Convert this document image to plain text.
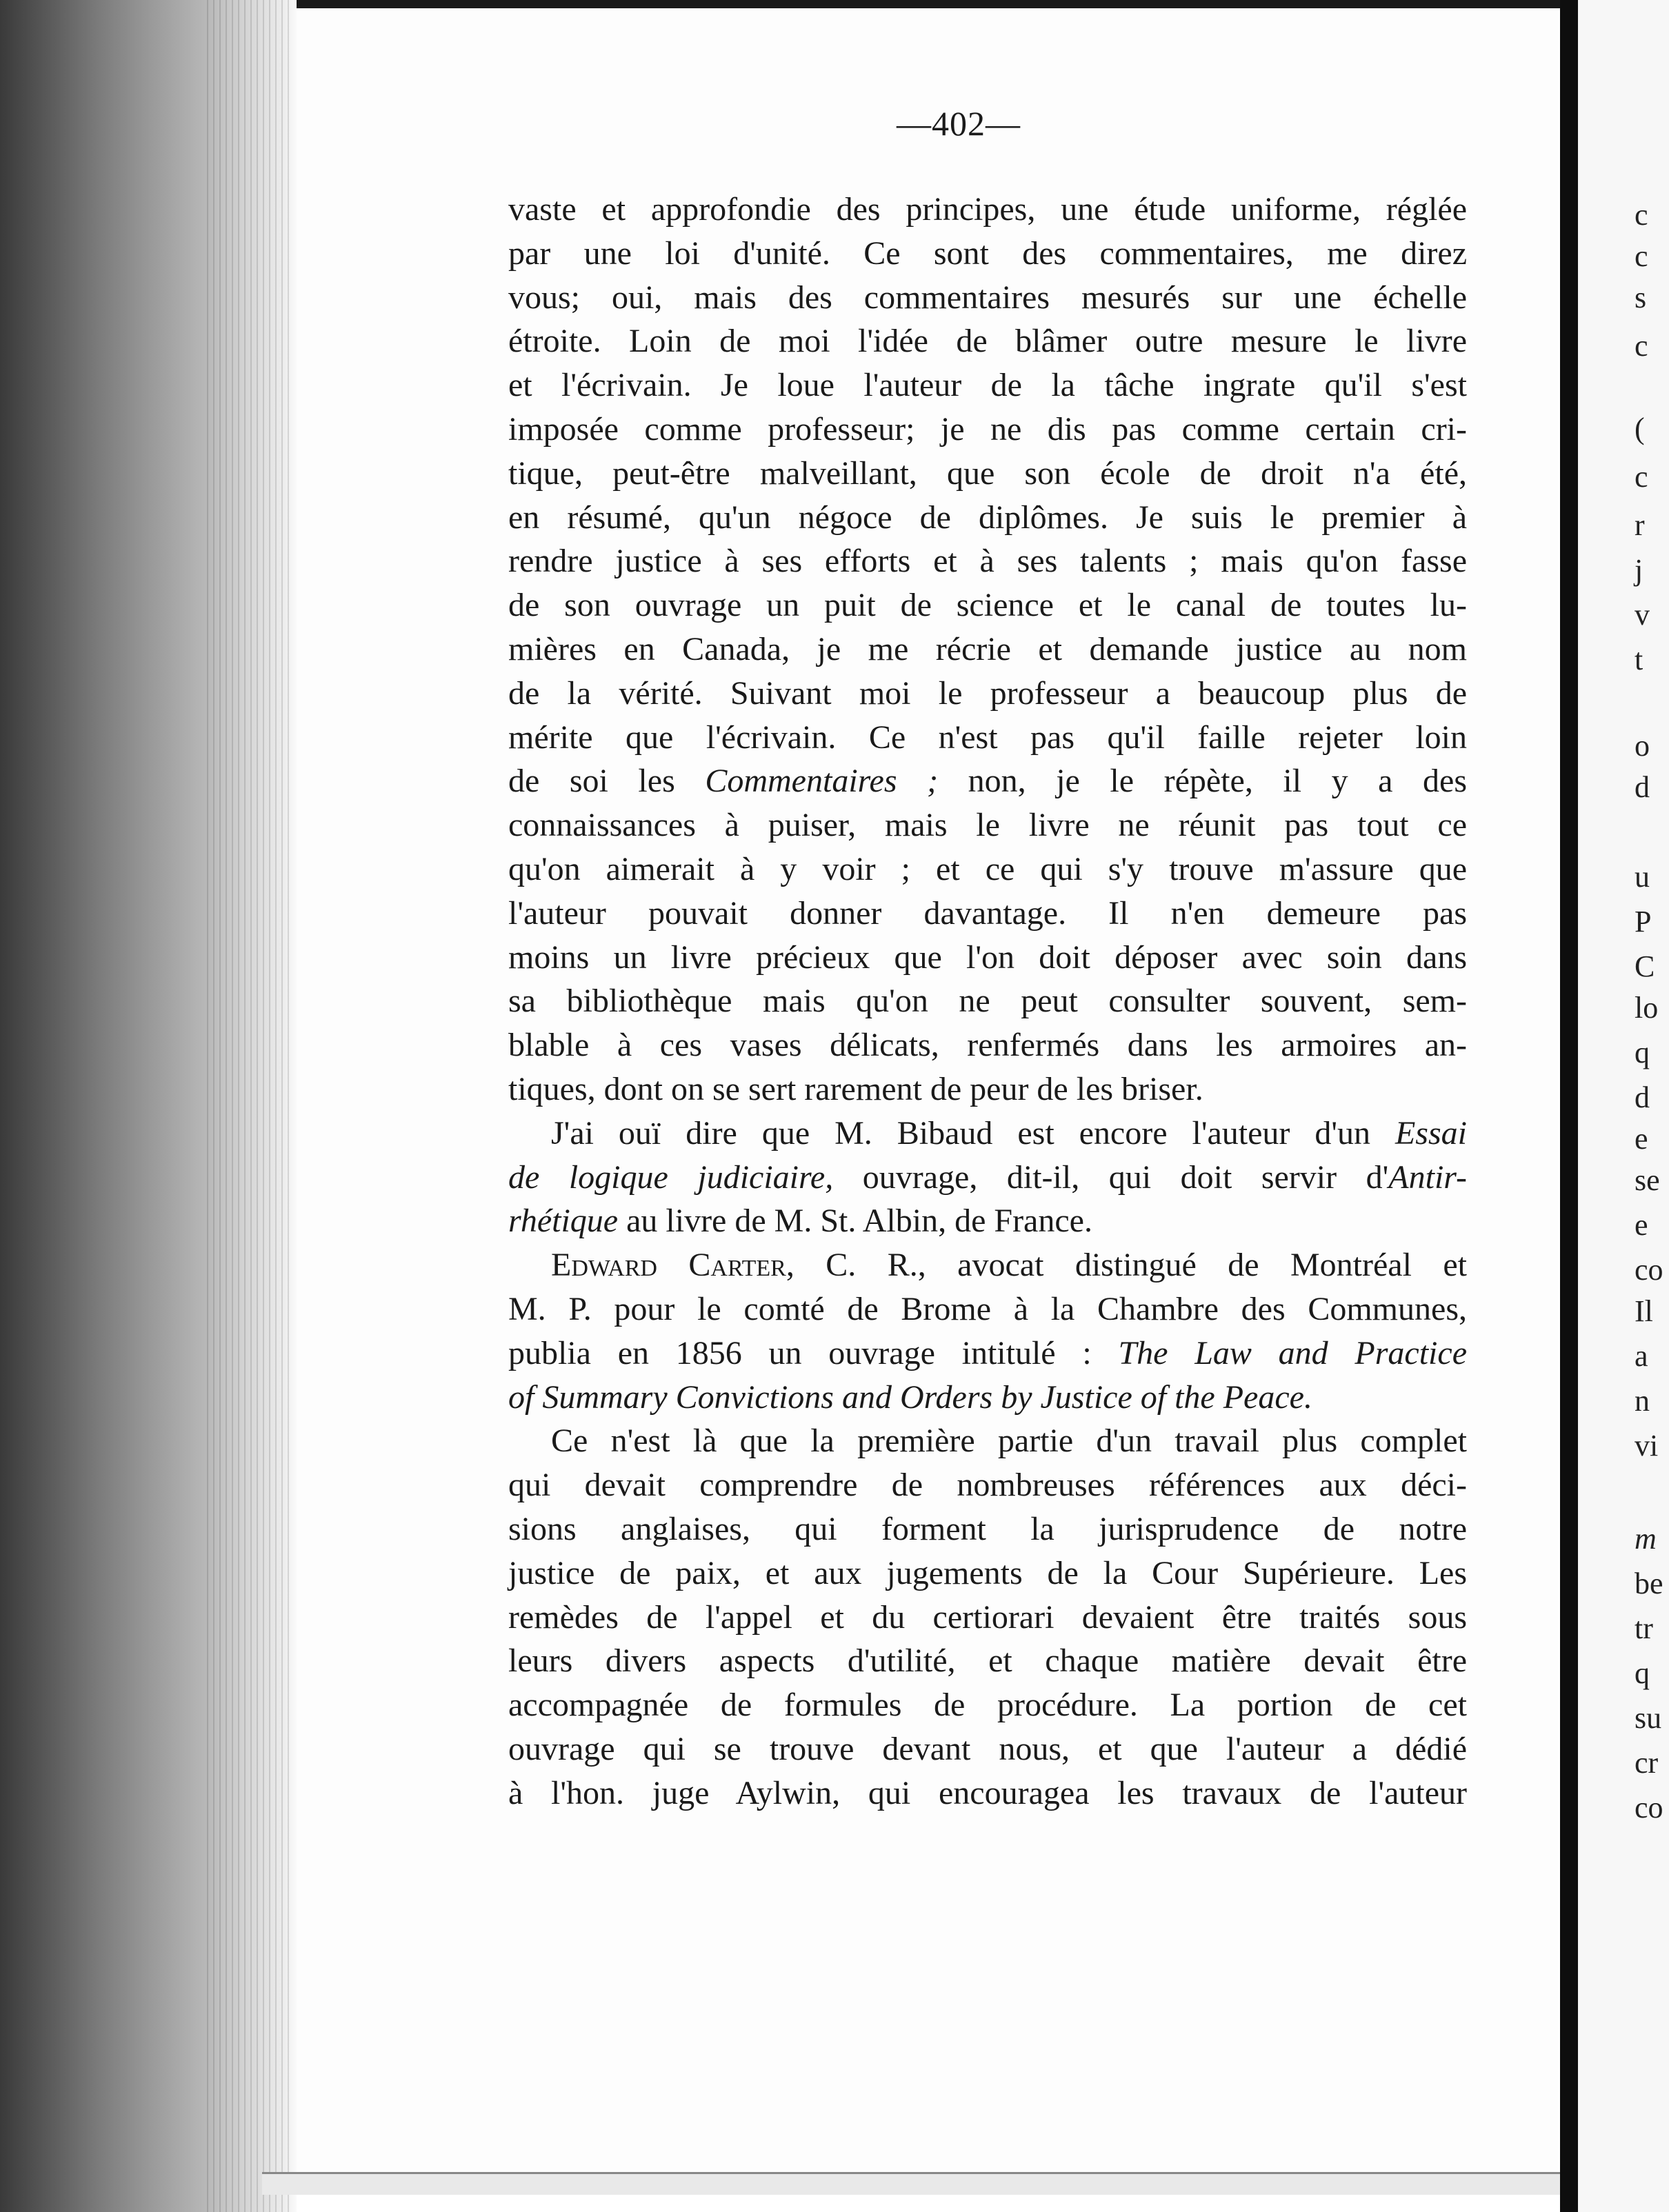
c
c
s
c
(
c
r
j
v
t
o
d
u
P
C
lo
q
d
e
se
e
co
Il
a
n
vi
m
be
tr
q
su
cr
co
—402—
vaste et approfondie des principes, une étude uniforme, réglée
par une loi d'unité. Ce sont des commentaires, me direz
vous; oui, mais des commentaires mesurés sur une échelle
étroite. Loin de moi l'idée de blâmer outre mesure le livre
et l'écrivain. Je loue l'auteur de la tâche ingrate qu'il s'est
imposée comme professeur; je ne dis pas comme certain cri-
tique, peut-être malveillant, que son école de droit n'a été,
en résumé, qu'un négoce de diplômes. Je suis le premier à
rendre justice à ses efforts et à ses talents ; mais qu'on fasse
de son ouvrage un puit de science et le canal de toutes lu-
mières en Canada, je me récrie et demande justice au nom
de la vérité. Suivant moi le professeur a beaucoup plus de
mérite que l'écrivain. Ce n'est pas qu'il faille rejeter loin
de soi les Commentaires ; non, je le répète, il y a des
connaissances à puiser, mais le livre ne réunit pas tout ce
qu'on aimerait à y voir ; et ce qui s'y trouve m'assure que
l'auteur pouvait donner davantage. Il n'en demeure pas
moins un livre précieux que l'on doit déposer avec soin dans
sa bibliothèque mais qu'on ne peut consulter souvent, sem-
blable à ces vases délicats, renfermés dans les armoires an-
tiques, dont on se sert rarement de peur de les briser.
J'ai ouï dire que M. Bibaud est encore l'auteur d'un Essai
de logique judiciaire, ouvrage, dit-il, qui doit servir d'Antir-
rhétique au livre de M. St. Albin, de France.
Edward Carter, C. R., avocat distingué de Montréal et
M. P. pour le comté de Brome à la Chambre des Communes,
publia en 1856 un ouvrage intitulé : The Law and Practice
of Summary Convictions and Orders by Justice of the Peace.
Ce n'est là que la première partie d'un travail plus complet
qui devait comprendre de nombreuses références aux déci-
sions anglaises, qui forment la jurisprudence de notre
justice de paix, et aux jugements de la Cour Supérieure. Les
remèdes de l'appel et du certiorari devaient être traités sous
leurs divers aspects d'utilité, et chaque matière devait être
accompagnée de formules de procédure. La portion de cet
ouvrage qui se trouve devant nous, et que l'auteur a dédié
à l'hon. juge Aylwin, qui encouragea les travaux de l'auteur
